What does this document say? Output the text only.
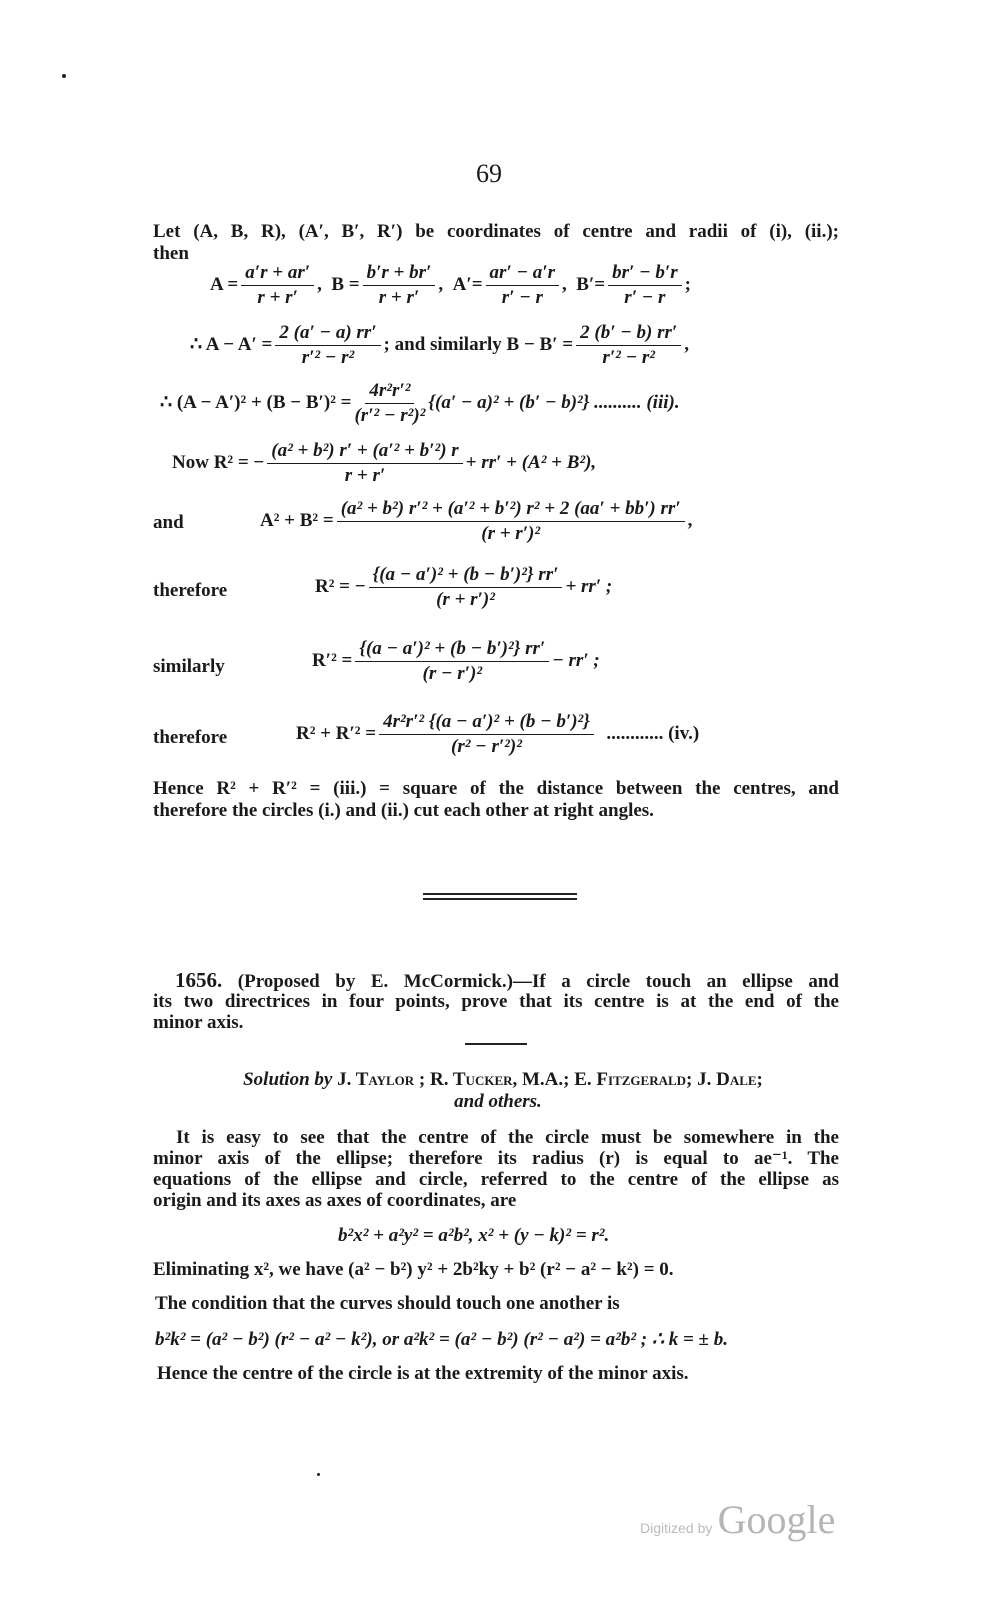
69
Let (A, B, R), (A′, B′, R′) be coordinates of centre and radii of (i), (ii.);
then
$A = \frac{a'r + ar'}{r + r'}$ , $B = \frac{b'r + br'}{r + r'}$ , $A'= \frac{ar' - a'r}{r' - r}$ , $B'= \frac{br' - b'r}{r' - r}$ ;
∴ $A - A' = \frac{2 (a' - a) rr'}{\text{r′² − r²}}$ ; and similarly $B - B' = \frac{2 (b' - b) rr'}{\text{r′² − r²}}$ ,
∴ $(A - A')^2 + (B - B')^2 = \frac{\text{4r²r′²}}{\text{(r′² − r²)²}} \{(a' - a)^2 + (b' - b)^2\}$ .......... (iii).
Now R² = − $\frac{\text{(a² + b²) r′ + (a′² + b′²) r}}{r + r'} + rr' + (A^2 + B^2)$,
and	$A^2 + B^2 = \frac{\text{(a² + b²) r′² + (a′² + b′²) r² + 2 (aa′ + bb′) rr′}}{\text{(r + r′)²}}$ ,
therefore	R² = − $\frac{\text{\{(a − a′)² + (b − b′)²\} rr′}}{\text{(r + r′)²}} + rr'$ ;
similarly	$R'^2 = \frac{\text{\{(a − a′)² + (b − b′)²\} rr′}}{\text{(r − r′)²}} - rr'$ ;
therefore	$R^2 + R'^2 = \frac{\text{4r²r′² \{(a − a′)² + (b − b′)²\}}}{\text{(r² − r′²)²}}$ ............ (iv.)
Hence R² + R′² = (iii.) = square of the distance between the centres, and
therefore the circles (i.) and (ii.) cut each other at right angles.
1656. (Proposed by E. McCormick.)—If a circle touch an ellipse and
its two directrices in four points, prove that its centre is at the end of the
minor axis.
Solution by J. Taylor ; R. Tucker, M.A.; E. Fitzgerald; J. Dale;
and others.
It is easy to see that the centre of the circle must be somewhere in the
minor axis of the ellipse; therefore its radius (r) is equal to ae⁻¹. The
equations of the ellipse and circle, referred to the centre of the ellipse as
origin and its axes as axes of coordinates, are
b²x² + a²y² = a²b², x² + (y − k)² = r².
Eliminating x², we have (a² − b²) y² + 2b²ky + b² (r² − a² − k²) = 0.
The condition that the curves should touch one another is
b²k² = (a² − b²) (r² − a² − k²), or a²k² = (a² − b²) (r² − a²) = a²b² ; ∴ k = ± b.
Hence the centre of the circle is at the extremity of the minor axis.
Digitized by Google
